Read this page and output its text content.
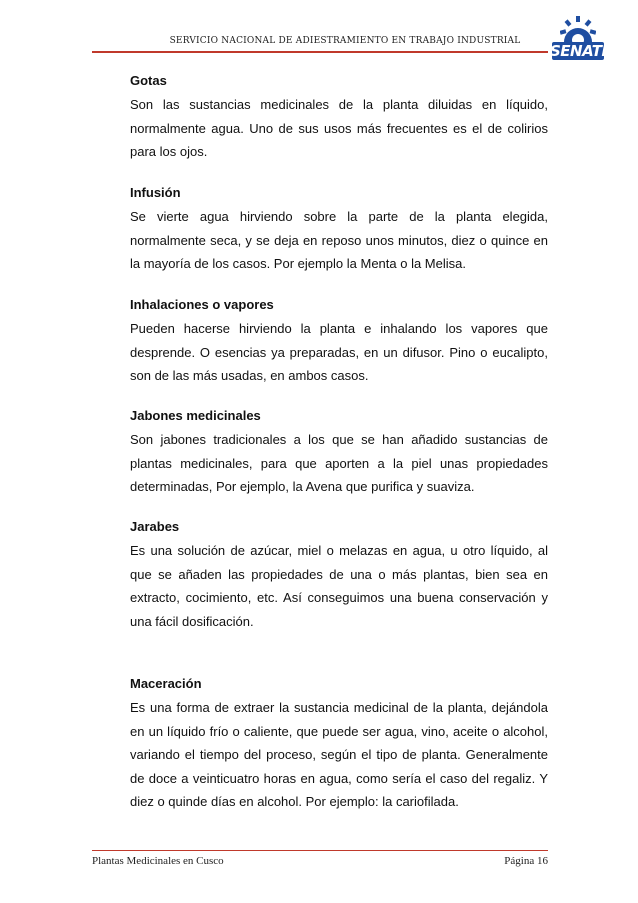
SERVICIO NACIONAL DE ADIESTRAMIENTO EN TRABAJO INDUSTRIAL
SENATI

Gotas

Son las sustancias medicinales de la planta diluidas en líquido, normalmente agua. Uno de sus usos más frecuentes es el de colirios para los ojos.

Infusión

Se vierte agua hirviendo sobre la parte de la planta elegida, normalmente seca, y se deja en reposo unos minutos, diez o quince en la mayoría de los casos. Por ejemplo la Menta o la Melisa.

Inhalaciones o vapores

Pueden hacerse hirviendo la planta e inhalando los vapores que desprende. O esencias ya preparadas, en un difusor. Pino o eucalipto, son de las más usadas, en ambos casos.

Jabones medicinales

Son jabones tradicionales a los que se han añadido sustancias de plantas medicinales, para que aporten a la piel unas propiedades determinadas, Por ejemplo, la Avena que purifica y suaviza.

Jarabes

Es una solución de azúcar, miel o melazas en agua, u otro líquido, al que se añaden las propiedades de una o más plantas, bien sea en extracto, cocimiento, etc. Así conseguimos una buena conservación y una fácil dosificación.

Maceración

Es una forma de extraer la sustancia medicinal de la planta, dejándola en un líquido frío o caliente, que puede ser agua, vino, aceite o alcohol, variando el tiempo del proceso, según el tipo de planta. Generalmente de doce a veinticuatro horas en agua, como sería el caso del regaliz. Y diez o quinde días en alcohol. Por ejemplo: la cariofilada.

Plantas Medicinales en Cusco	Página 16
